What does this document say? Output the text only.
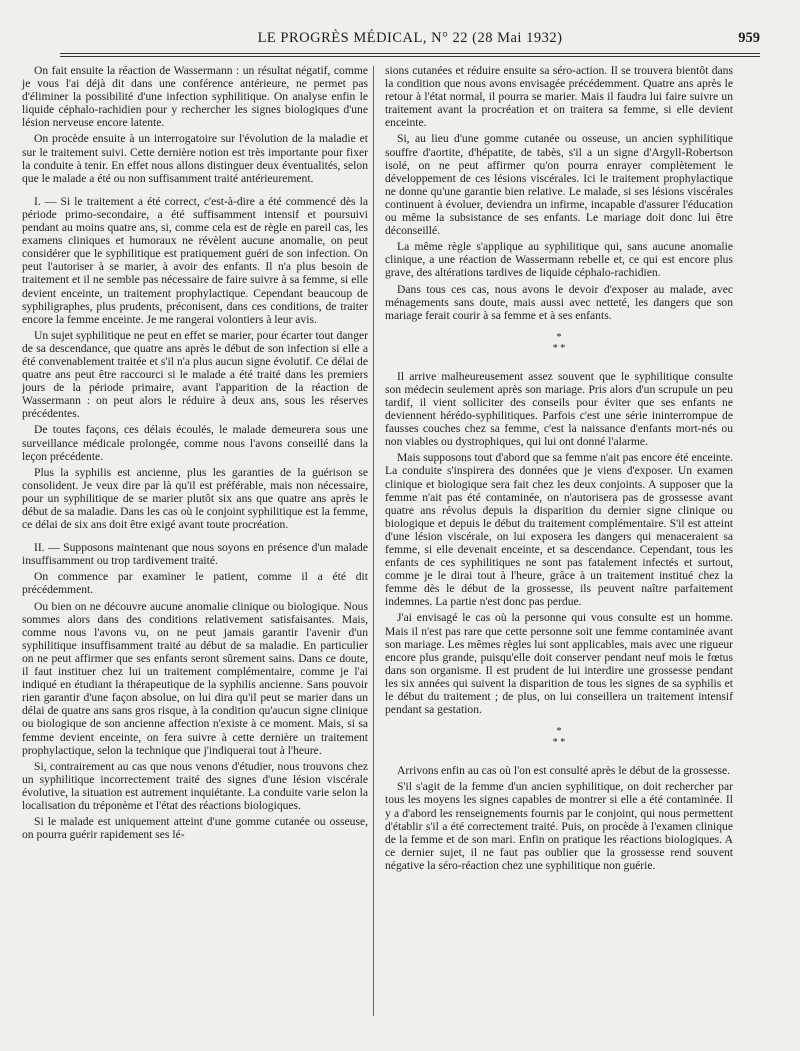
LE PROGRÈS MÉDICAL, N° 22 (28 Mai 1932)	959

On fait ensuite la réaction de Wassermann : un résultat négatif, comme je vous l'ai déjà dit dans une conférence antérieure, ne permet pas d'éliminer la possibilité d'une infection syphilitique. On analyse enfin le liquide céphalo-rachidien pour y rechercher les signes biologiques d'une lésion nerveuse encore latente.

On procède ensuite à un interrogatoire sur l'évolution de la maladie et sur le traitement suivi. Cette dernière notion est très importante pour fixer la conduite à tenir. En effet nous allons distinguer deux éventualités, selon que le malade a été ou non suffisamment traité antérieurement.

I. — Si le traitement a été correct, c'est-à-dire a été commencé dès la période primo-secondaire, a été suffisamment intensif et poursuivi pendant au moins quatre ans, si, comme cela est de règle en pareil cas, les examens cliniques et humoraux ne révèlent aucune anomalie, on peut considérer que le syphilitique est pratiquement guéri de son infection. On peut l'autoriser à se marier, à avoir des enfants. Il n'a plus besoin de traitement et il ne semble pas nécessaire de faire suivre à sa femme, si elle devient enceinte, un traitement prophylactique. Cependant beaucoup de syphiligraphes, plus prudents, préconisent, dans ces conditions, de traiter encore la femme enceinte. Je me rangerai volontiers à leur avis.

Un sujet syphilitique ne peut en effet se marier, pour écarter tout danger de sa descendance, que quatre ans après le début de son infection si elle a été convenablement traitée et s'il n'a plus aucun signe évolutif. Ce délai de quatre ans peut être raccourci si le malade a été traité dans les premiers jours de la période primaire, avant l'apparition de la réaction de Wassermann : on peut alors le réduire à deux ans, sous les réserves précédentes.

De toutes façons, ces délais écoulés, le malade demeurera sous une surveillance médicale prolongée, comme nous l'avons conseillé dans la leçon précédente.

Plus la syphilis est ancienne, plus les garanties de la guérison se consolident. Je veux dire par là qu'il est préférable, mais non nécessaire, pour un syphilitique de se marier plutôt six ans que quatre ans après le début de sa maladie. Dans les cas où le conjoint syphilitique est la femme, ce délai de six ans doit être exigé avant toute procréation.

II. — Supposons maintenant que nous soyons en présence d'un malade insuffisamment ou trop tardivement traité.

On commence par examiner le patient, comme il a été dit précédemment.

Ou bien on ne découvre aucune anomalie clinique ou biologique. Nous sommes alors dans des conditions relativement satisfaisantes. Mais, comme nous l'avons vu, on ne peut jamais garantir l'avenir d'un syphilitique insuffisamment traité au début de sa maladie. En particulier on ne peut affirmer que ses enfants seront sûrement sains. Dans ce doute, il faut instituer chez lui un traitement complémentaire, comme je l'ai indiqué en étudiant la thérapeutique de la syphilis ancienne. Sans pouvoir rien garantir d'une façon absolue, on lui dira qu'il peut se marier dans un délai de quatre ans sans gros risque, à la condition qu'aucun signe clinique ou biologique de son ancienne affection n'existe à ce moment. Mais, si sa femme devient enceinte, on fera suivre à cette dernière un traitement prophylactique, selon la technique que j'indiquerai tout à l'heure.

Si, contrairement au cas que nous venons d'étudier, nous trouvons chez un syphilitique incorrectement traité des signes d'une lésion viscérale évolutive, la situation est autrement inquiétante. La conduite varie selon la localisation du tréponème et l'état des réactions biologiques.

Si le malade est uniquement atteint d'une gomme cutanée ou osseuse, on pourra guérir rapidement ses lé-

sions cutanées et réduire ensuite sa séro-action. Il se trouvera bientôt dans la condition que nous avons envisagée précédemment. Quatre ans après le retour à l'état normal, il pourra se marier. Mais il faudra lui faire suivre un traitement avant la procréation et on traitera sa femme, si elle devient enceinte.

Si, au lieu d'une gomme cutanée ou osseuse, un ancien syphilitique souffre d'aortite, d'hépatite, de tabès, s'il a un signe d'Argyll-Robertson isolé, on ne peut affirmer qu'on pourra enrayer complètement le développement de ces lésions viscérales. Ici le traitement prophylactique ne donne qu'une garantie bien relative. Le malade, si ses lésions viscérales continuent à évoluer, deviendra un infirme, incapable d'assurer l'éducation ou même la subsistance de ses enfants. Le mariage doit donc lui être déconseillé.

La même règle s'applique au syphilitique qui, sans aucune anomalie clinique, a une réaction de Wassermann rebelle et, ce qui est encore plus grave, des altérations tardives de liquide céphalo-rachidien.

Dans tous ces cas, nous avons le devoir d'exposer au malade, avec ménagements sans doute, mais aussi avec netteté, les dangers que son mariage ferait courir à sa femme et à ses enfants.

*
* *

Il arrive malheureusement assez souvent que le syphilitique consulte son médecin seulement après son mariage. Pris alors d'un scrupule un peu tardif, il vient solliciter des conseils pour éviter que ses enfants ne deviennent hérédo-syphilitiques. Parfois c'est une série ininterrompue de fausses couches chez sa femme, c'est la naissance d'enfants mort-nés ou non viables ou dystrophiques, qui lui ont donné l'alarme.

Mais supposons tout d'abord que sa femme n'ait pas encore été enceinte. La conduite s'inspirera des données que je viens d'exposer. Un examen clinique et biologique sera fait chez les deux conjoints. A supposer que la femme n'ait pas été contaminée, on n'autorisera pas de grossesse avant quatre ans révolus depuis la disparition du dernier signe clinique ou biologique et depuis le début du traitement complémentaire. S'il est atteint d'une lésion viscérale, on lui exposera les dangers qui menaceraient sa femme, si elle devenait enceinte, et sa descendance. Cependant, tous les enfants de ces syphilitiques ne sont pas fatalement infectés et surtout, comme je le dirai tout à l'heure, grâce à un traitement institué chez la femme dès le début de la grossesse, ils peuvent naître parfaitement indemnes. La partie n'est donc pas perdue.

J'ai envisagé le cas où la personne qui vous consulte est un homme. Mais il n'est pas rare que cette personne soit une femme contaminée avant son mariage. Les mêmes règles lui sont applicables, mais avec une rigueur encore plus grande, puisqu'elle doit conserver pendant neuf mois le fœtus dans son organisme. Il est prudent de lui interdire une grossesse pendant les six années qui suivent la disparition de tous les signes de sa syphilis et le début du traitement ; de plus, on lui conseillera un traitement intensif pendant sa gestation.

*
* *

Arrivons enfin au cas où l'on est consulté après le début de la grossesse.

S'il s'agit de la femme d'un ancien syphilitique, on doit rechercher par tous les moyens les signes capables de montrer si elle a été contaminée. Il y a d'abord les renseignements fournis par le conjoint, qui nous permettent d'établir s'il a été correctement traité. Puis, on procède à l'examen clinique de la femme et de son mari. Enfin on pratique les réactions biologiques. A ce dernier sujet, il ne faut pas oublier que la grossesse rend souvent négative la séro-réaction chez une syphilitique non guérie.
